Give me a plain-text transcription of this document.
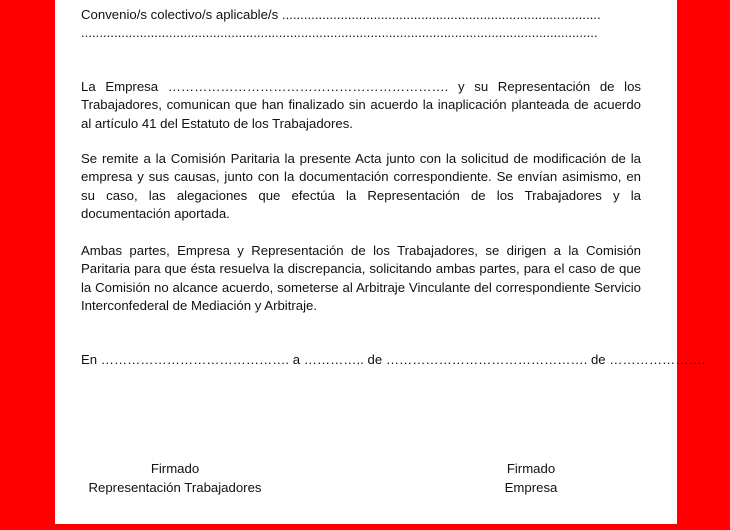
Convenio/s colectivo/s aplicable/s .......................................................................................

.............................................................................................................................................

La Empresa ………………………………………………………. y su Representación de los Trabajadores, comunican que han finalizado sin acuerdo la inaplicación planteada de acuerdo al artículo 41 del Estatuto de los Trabajadores.

Se remite a la Comisión Paritaria la presente Acta junto con la solicitud de modificación de la empresa y sus causas, junto con la documentación correspondiente. Se envían asimismo, en su caso, las alegaciones que efectúa la Representación de los Trabajadores y la documentación aportada.

Ambas partes, Empresa y Representación de los Trabajadores, se dirigen a la Comisión Paritaria para que ésta resuelva la discrepancia, solicitando ambas partes, para el caso de que la Comisión no alcance acuerdo, someterse al Arbitraje Vinculante del correspondiente Servicio Interconfederal de Mediación y Arbitraje.

En ……………………………………. a ………….. de ………………………………………. de ………………….

Firmado
Representación Trabajadores
Firmado
Empresa
